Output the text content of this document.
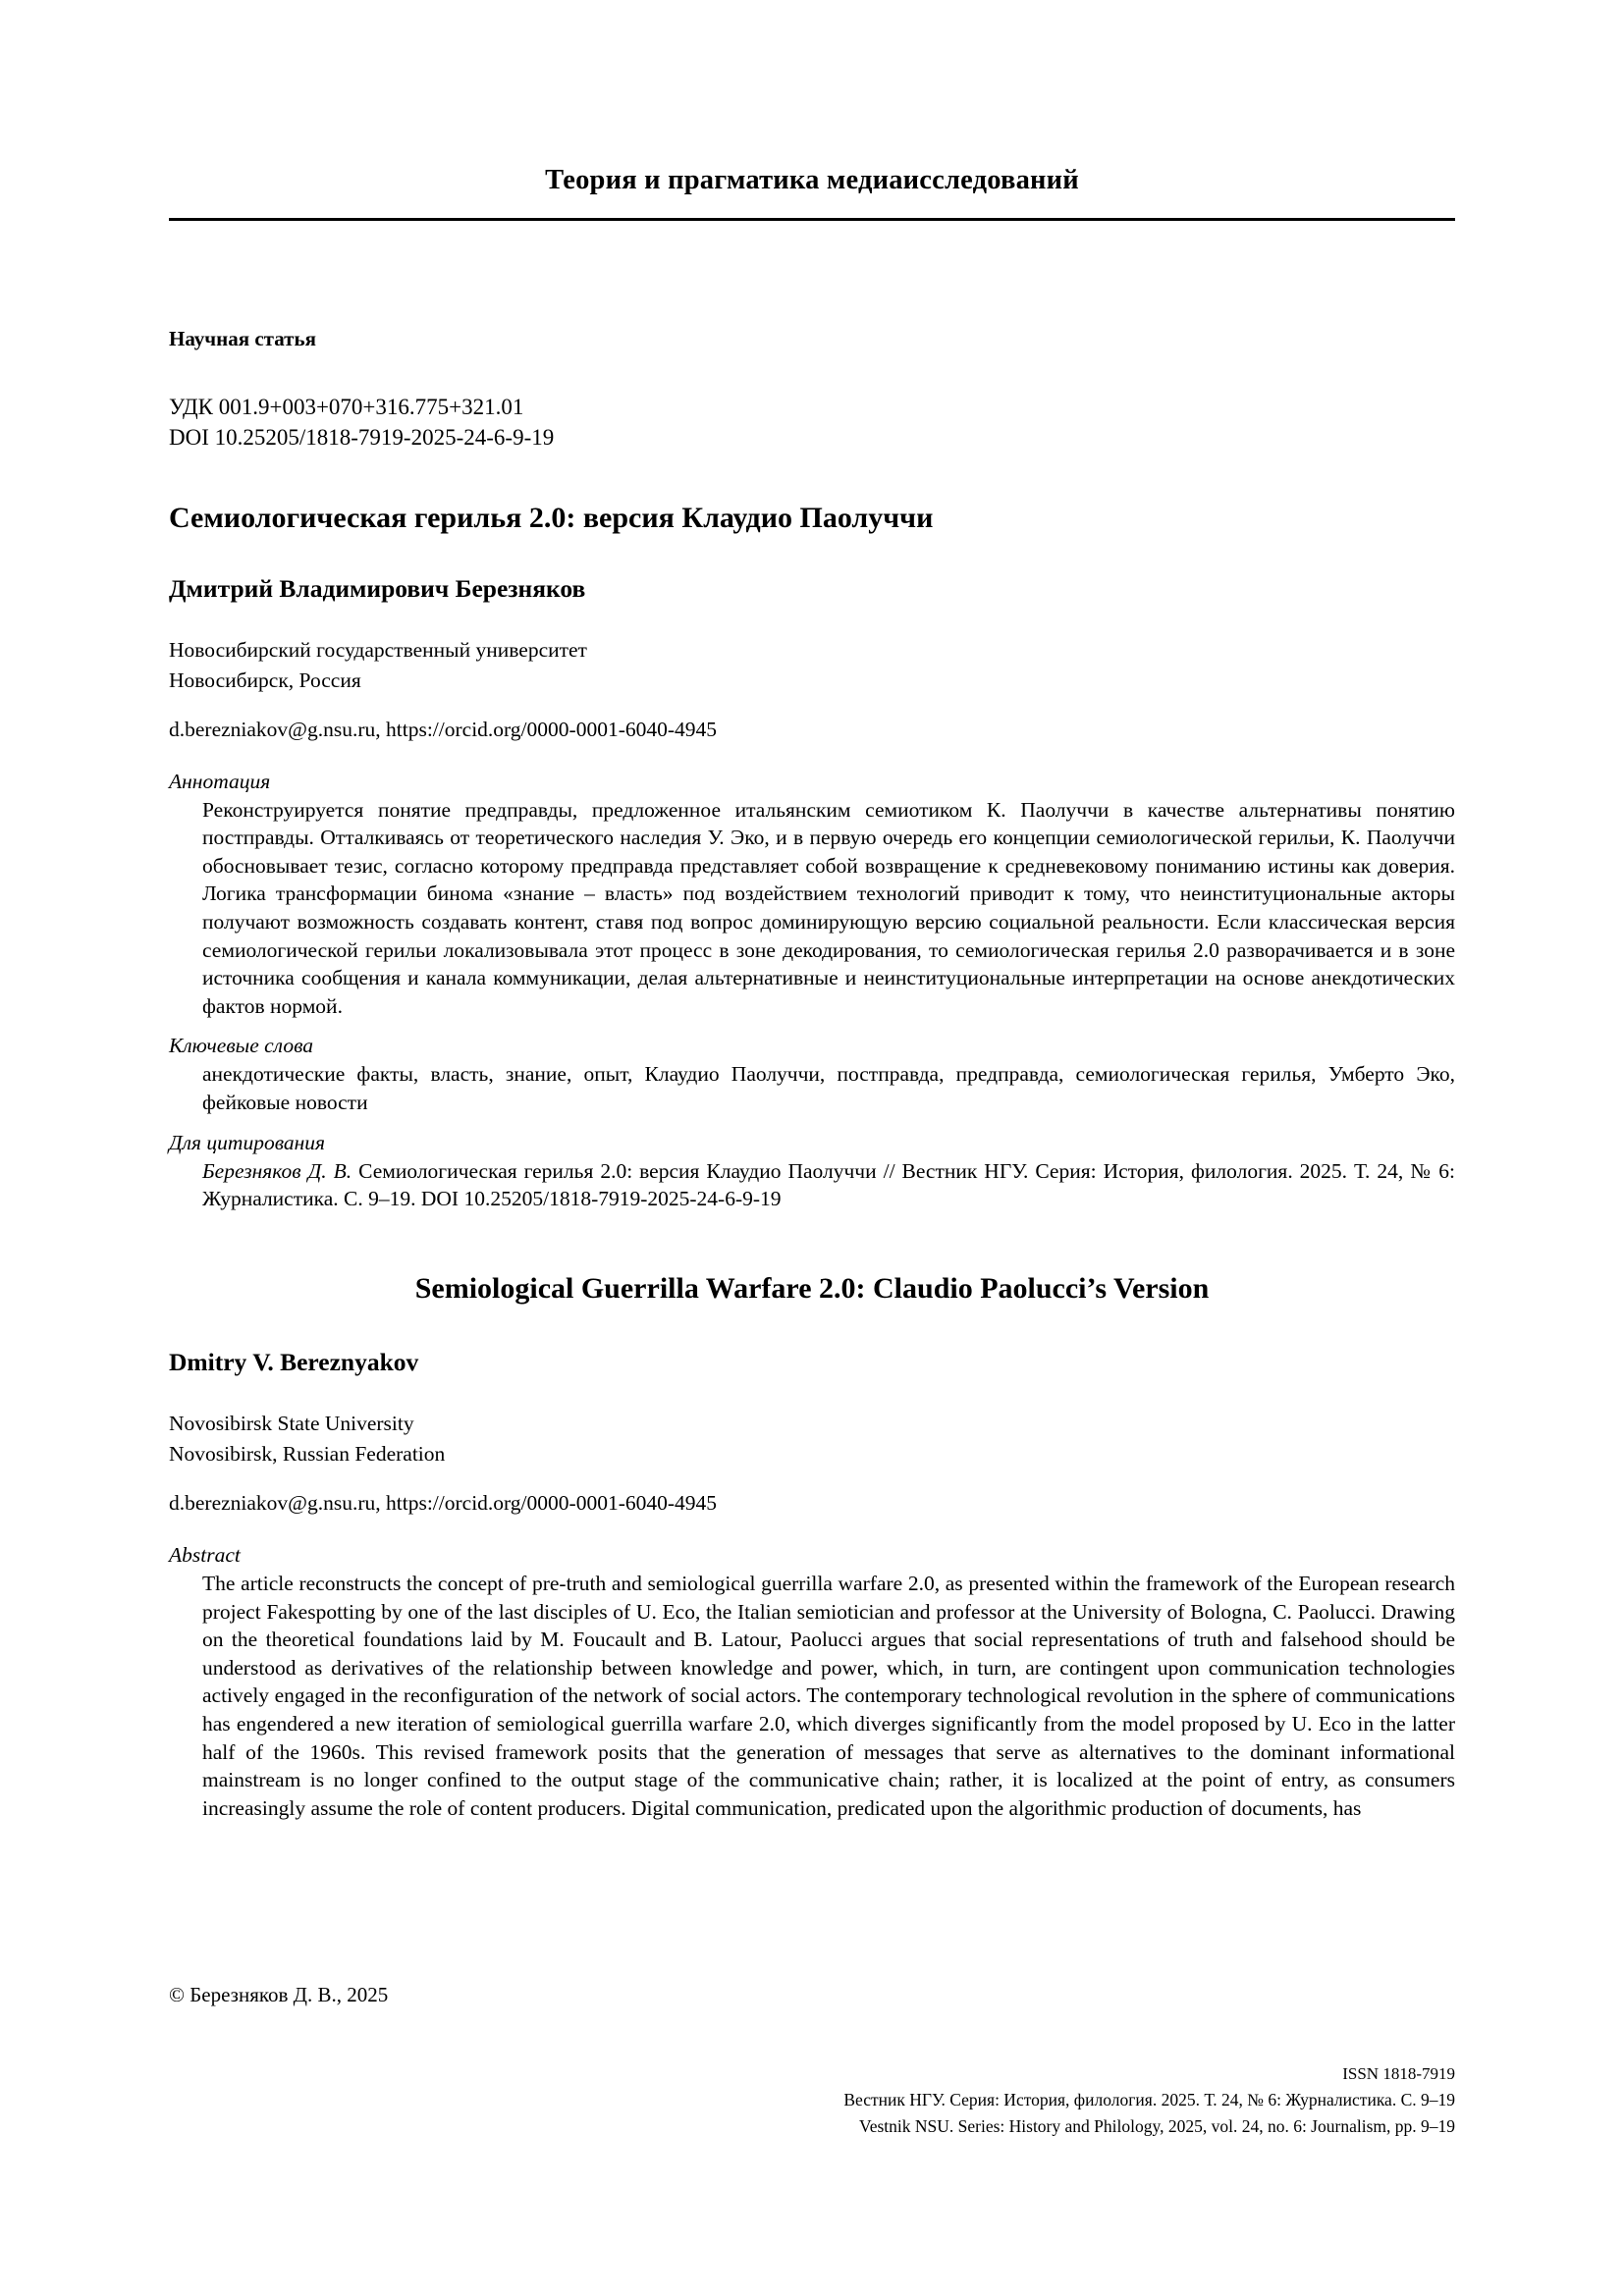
Теория и прагматика медиаисследований
Научная статья
УДК 001.9+003+070+316.775+321.01
DOI 10.25205/1818-7919-2025-24-6-9-19
Семиологическая герилья 2.0: версия Клаудио Паолуччи
Дмитрий Владимирович Березняков
Новосибирский государственный университет
Новосибирск, Россия
d.berezniakov@g.nsu.ru, https://orcid.org/0000-0001-6040-4945
Аннотация
Реконструируется понятие предправды, предложенное итальянским семиотиком К. Паолуччи в качестве альтернативы понятию постправды. Отталкиваясь от теоретического наследия У. Эко, и в первую очередь его концепции семиологической герильи, К. Паолуччи обосновывает тезис, согласно которому предправда представляет собой возвращение к средневековому пониманию истины как доверия. Логика трансформации бинома «знание – власть» под воздействием технологий приводит к тому, что неинституциональные акторы получают возможность создавать контент, ставя под вопрос доминирующую версию социальной реальности. Если классическая версия семиологической герильи локализовывала этот процесс в зоне декодирования, то семиологическая герилья 2.0 разворачивается и в зоне источника сообщения и канала коммуникации, делая альтернативные и неинституциональные интерпретации на основе анекдотических фактов нормой.
Ключевые слова
анекдотические факты, власть, знание, опыт, Клаудио Паолуччи, постправда, предправда, семиологическая герилья, Умберто Эко, фейковые новости
Для цитирования
Березняков Д. В. Семиологическая герилья 2.0: версия Клаудио Паолуччи // Вестник НГУ. Серия: История, филология. 2025. Т. 24, № 6: Журналистика. С. 9–19. DOI 10.25205/1818-7919-2025-24-6-9-19
Semiological Guerrilla Warfare 2.0: Claudio Paolucci’s Version
Dmitry V. Bereznyakov
Novosibirsk State University
Novosibirsk, Russian Federation
d.berezniakov@g.nsu.ru, https://orcid.org/0000-0001-6040-4945
Abstract
The article reconstructs the concept of pre-truth and semiological guerrilla warfare 2.0, as presented within the framework of the European research project Fakespotting by one of the last disciples of U. Eco, the Italian semiotician and professor at the University of Bologna, C. Paolucci. Drawing on the theoretical foundations laid by M. Foucault and B. Latour, Paolucci argues that social representations of truth and falsehood should be understood as derivatives of the relationship between knowledge and power, which, in turn, are contingent upon communication technologies actively engaged in the reconfiguration of the network of social actors. The contemporary technological revolution in the sphere of communications has engendered a new iteration of semiological guerrilla warfare 2.0, which diverges significantly from the model proposed by U. Eco in the latter half of the 1960s. This revised framework posits that the generation of messages that serve as alternatives to the dominant informational mainstream is no longer confined to the output stage of the communicative chain; rather, it is localized at the point of entry, as consumers increasingly assume the role of content producers. Digital communication, predicated upon the algorithmic production of documents, has
© Березняков Д. В., 2025
ISSN 1818-7919
Вестник НГУ. Серия: История, филология. 2025. Т. 24, № 6: Журналистика. С. 9–19
Vestnik NSU. Series: History and Philology, 2025, vol. 24, no. 6: Journalism, pp. 9–19
